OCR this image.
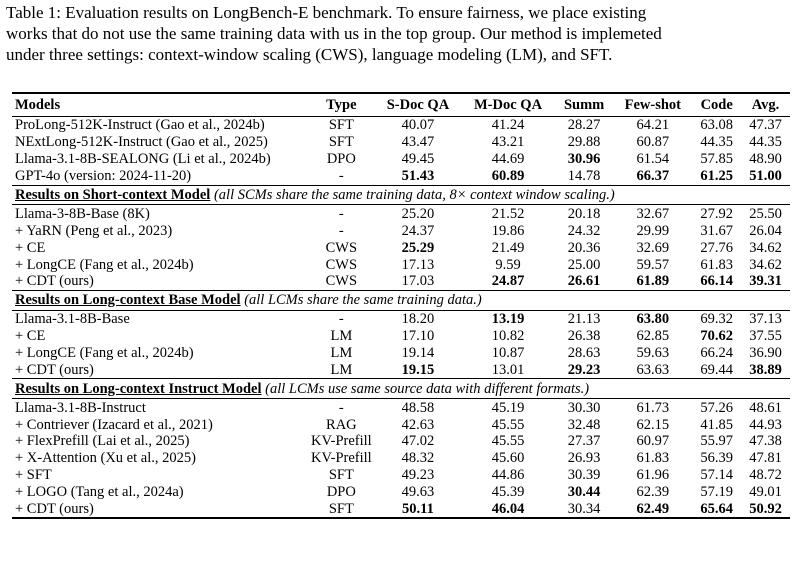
Table 1: Evaluation results on LongBench-E benchmark. To ensure fairness, we place existing
works that do not use the same training data with us in the top group. Our method is implemeted
under three settings: context-window scaling (CWS), language modeling (LM), and SFT.
Models	Type	S-Doc QA	M-Doc QA	Summ	Few-shot	Code	Avg.
ProLong-512K-Instruct (Gao et al., 2024b)	SFT	40.07	41.24	28.27	64.21	63.08	47.37
NExtLong-512K-Instruct (Gao et al., 2025)	SFT	43.47	43.21	29.88	60.87	44.35	44.35
Llama-3.1-8B-SEALONG (Li et al., 2024b)	DPO	49.45	44.69	30.96	61.54	57.85	48.90
GPT-4o (version: 2024-11-20)	-	51.43	60.89	14.78	66.37	61.25	51.00
Results on Short-context Model (all SCMs share the same training data, 8× context window scaling.)							
Llama-3-8B-Base (8K)	-	25.20	21.52	20.18	32.67	27.92	25.50
+ YaRN (Peng et al., 2023)	-	24.37	19.86	24.32	29.99	31.67	26.04
+ CE	CWS	25.29	21.49	20.36	32.69	27.76	34.62
+ LongCE (Fang et al., 2024b)	CWS	17.13	9.59	25.00	59.57	61.83	34.62
+ CDT (ours)	CWS	17.03	24.87	26.61	61.89	66.14	39.31
Results on Long-context Base Model (all LCMs share the same training data.)							
Llama-3.1-8B-Base	-	18.20	13.19	21.13	63.80	69.32	37.13
+ CE	LM	17.10	10.82	26.38	62.85	70.62	37.55
+ LongCE (Fang et al., 2024b)	LM	19.14	10.87	28.63	59.63	66.24	36.90
+ CDT (ours)	LM	19.15	13.01	29.23	63.63	69.44	38.89
Results on Long-context Instruct Model (all LCMs use same source data with different formats.)							
Llama-3.1-8B-Instruct	-	48.58	45.19	30.30	61.73	57.26	48.61
+ Contriever (Izacard et al., 2021)	RAG	42.63	45.55	32.48	62.15	41.85	44.93
+ FlexPrefill (Lai et al., 2025)	KV-Prefill	47.02	45.55	27.37	60.97	55.97	47.38
+ X-Attention (Xu et al., 2025)	KV-Prefill	48.32	45.60	26.93	61.83	56.39	47.81
+ SFT	SFT	49.23	44.86	30.39	61.96	57.14	48.72
+ LOGO (Tang et al., 2024a)	DPO	49.63	45.39	30.44	62.39	57.19	49.01
+ CDT (ours)	SFT	50.11	46.04	30.34	62.49	65.64	50.92
